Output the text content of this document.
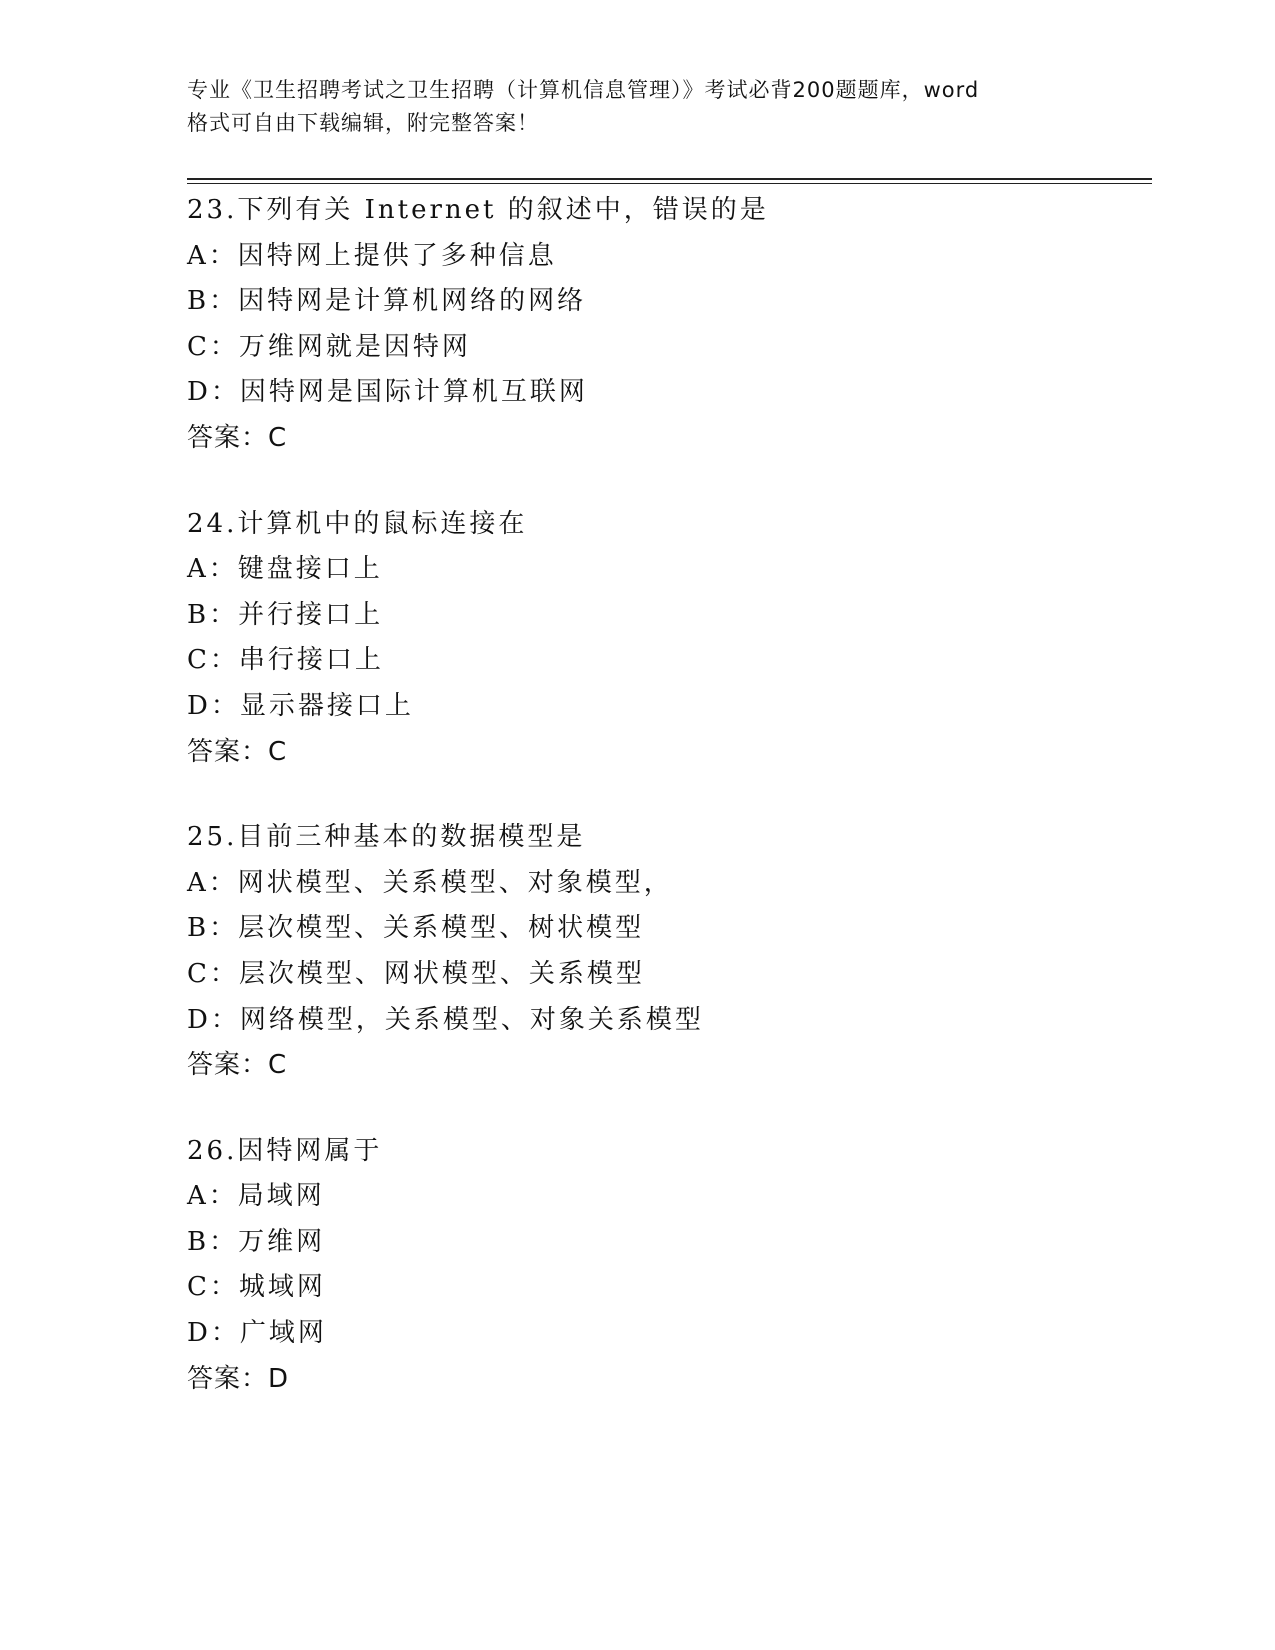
专业《卫生招聘考试之卫生招聘（计算机信息管理）》考试必背200题题库，word
格式可自由下载编辑，附完整答案！
23.下列有关 Internet 的叙述中，错误的是
A：因特网上提供了多种信息
B：因特网是计算机网络的网络
C：万维网就是因特网
D：因特网是国际计算机互联网
答案：C
24.计算机中的鼠标连接在
A：键盘接口上
B：并行接口上
C：串行接口上
D：显示器接口上
答案：C
25.目前三种基本的数据模型是
A：网状模型、关系模型、对象模型，
B：层次模型、关系模型、树状模型
C：层次模型、网状模型、关系模型
D：网络模型，关系模型、对象关系模型
答案：C
26.因特网属于
A：局域网
B：万维网
C：城域网
D：广域网
答案：D
